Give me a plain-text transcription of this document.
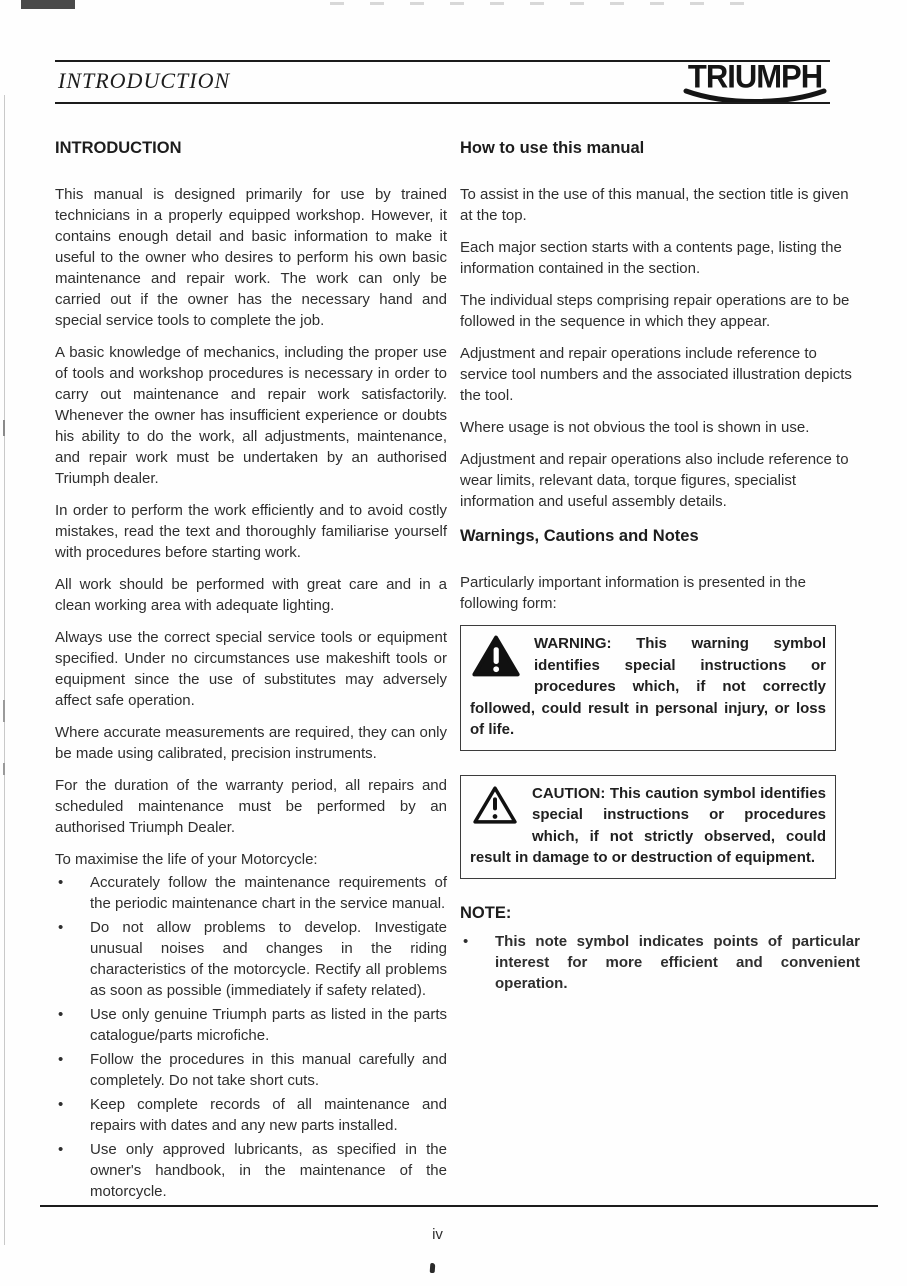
INTRODUCTION	TRIUMPH
INTRODUCTION

This manual is designed primarily for use by trained technicians in a properly equipped workshop. However, it contains enough detail and basic information to make it useful to the owner who desires to perform his own basic maintenance and repair work. The work can only be carried out if the owner has the necessary hand and special service tools to complete the job.

A basic knowledge of mechanics, including the proper use of tools and workshop procedures is necessary in order to carry out maintenance and repair work satisfactorily. Whenever the owner has insufficient experience or doubts his ability to do the work, all adjustments, maintenance, and repair work must be undertaken by an authorised Triumph dealer.

In order to perform the work efficiently and to avoid costly mistakes, read the text and thoroughly familiarise yourself with procedures before starting work.

All work should be performed with great care and in a clean working area with adequate lighting.

Always use the correct special service tools or equipment specified. Under no circumstances use makeshift tools or equipment since the use of substitutes may adversely affect safe operation.

Where accurate measurements are required, they can only be made using calibrated, precision instruments.

For the duration of the warranty period, all repairs and scheduled maintenance must be performed by an authorised Triumph Dealer.

To maximise the life of your Motorcycle:

•	Accurately follow the maintenance requirements of the periodic maintenance chart in the service manual.
•	Do not allow problems to develop. Investigate unusual noises and changes in the riding characteristics of the motorcycle. Rectify all problems as soon as possible (immediately if safety related).
•	Use only genuine Triumph parts as listed in the parts catalogue/parts microfiche.
•	Follow the procedures in this manual carefully and completely. Do not take short cuts.
•	Keep complete records of all maintenance and repairs with dates and any new parts installed.
•	Use only approved lubricants, as specified in the owner's handbook, in the maintenance of the motorcycle.
How to use this manual

To assist in the use of this manual, the section title is given at the top.

Each major section starts with a contents page, listing the information contained in the section.

The individual steps comprising repair operations are to be followed in the sequence in which they appear.

Adjustment and repair operations include reference to service tool numbers and the associated illustration depicts the tool.

Where usage is not obvious the tool is shown in use.

Adjustment and repair operations also include reference to wear limits, relevant data, torque figures, specialist information and useful assembly details.

Warnings, Cautions and Notes

Particularly important information is presented in the following form:

WARNING: This warning symbol identifies special instructions or procedures which, if not correctly followed, could result in personal injury, or loss of life.
CAUTION: This caution symbol identifies special instructions or procedures which, if not strictly observed, could result in damage to or destruction of equipment.
NOTE:
•	This note symbol indicates points of particular interest for more efficient and convenient operation.
iv
